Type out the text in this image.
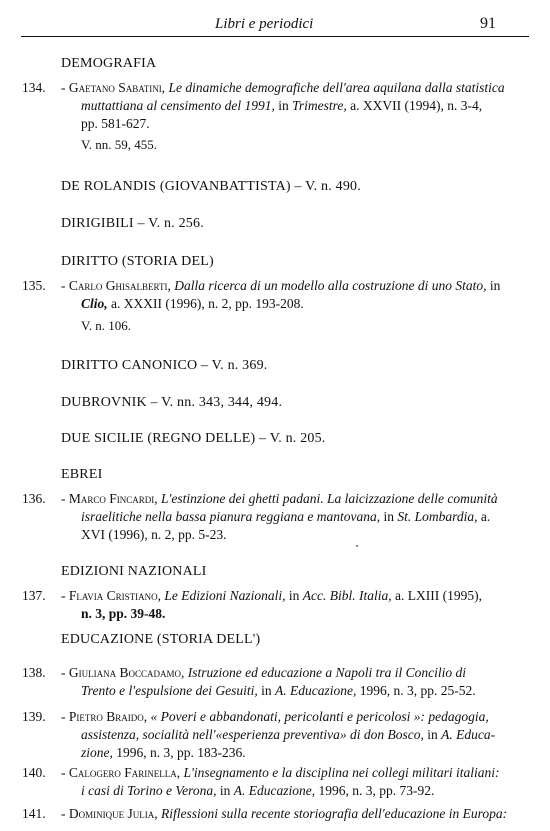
Libri e periodici	91
DEMOGRAFIA
134. - Gaetano Sabatini, Le dinamiche demografiche dell'area aquilana dalla statistica
muttattiana al censimento del 1991, in Trimestre, a. XXVII (1994), n. 3-4,
pp. 581-627.
V. nn. 59, 455.
DE ROLANDIS (GIOVANBATTISTA) – V. n. 490.
DIRIGIBILI – V. n. 256.
DIRITTO (STORIA DEL)
135. - Carlo Ghisalberti, Dalla ricerca di un modello alla costruzione di uno Stato, in
Clio, a. XXXII (1996), n. 2, pp. 193-208.
V. n. 106.
DIRITTO CANONICO – V. n. 369.
DUBROVNIK – V. nn. 343, 344, 494.
DUE SICILIE (REGNO DELLE) – V. n. 205.
EBREI
136. - Marco Fincardi, L'estinzione dei ghetti padani. La laicizzazione delle comunità
israelitiche nella bassa pianura reggiana e mantovana, in St. Lombardia, a.
XVI (1996), n. 2, pp. 5-23.
EDIZIONI NAZIONALI
137. - Flavia Cristiano, Le Edizioni Nazionali, in Acc. Bibl. Italia, a. LXIII (1995),
n. 3, pp. 39-48.
EDUCAZIONE (STORIA DELL')
138. - Giuliana Boccadamo, Istruzione ed educazione a Napoli tra il Concilio di
Trento e l'espulsione dei Gesuiti, in A. Educazione, 1996, n. 3, pp. 25-52.
139. - Pietro Braido, « Poveri e abbandonati, pericolanti e pericolosi »: pedagogia,
assistenza, socialità nell'«esperienza preventiva» di don Bosco, in A. Educa-
zione, 1996, n. 3, pp. 183-236.
140. - Calogero Farinella, L'insegnamento e la disciplina nei collegi militari italiani:
i casi di Torino e Verona, in A. Educazione, 1996, n. 3, pp. 73-92.
141. - Dominique Julia, Riflessioni sulla recente storiografia dell'educazione in Europa:
